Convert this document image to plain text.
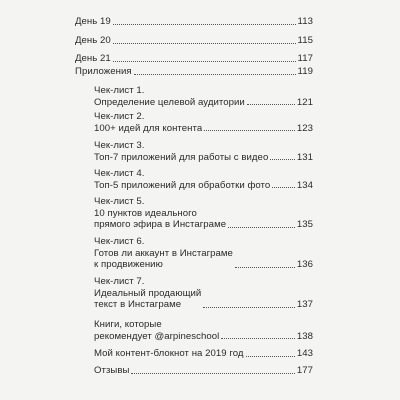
День 19	113
День 20	115
День 21	117
Приложения	119
Чек-лист 1.
Определение целевой аудитории	121
Чек-лист 2.
100+ идей для контента	123
Чек-лист 3.
Топ-7 приложений для работы с видео	131
Чек-лист 4.
Топ-5 приложений для обработки фото	134
Чек-лист 5.
10 пунктов идеального
прямого эфира в Инстаграме	135
Чек-лист 6.
Готов ли аккаунт в Инстаграме
к продвижению	136
Чек-лист 7.
Идеальный продающий
текст в Инстаграме	137
Книги, которые
рекомендует @arpineschool	138
Мой контент-блокнот на 2019 год	143
Отзывы	177
